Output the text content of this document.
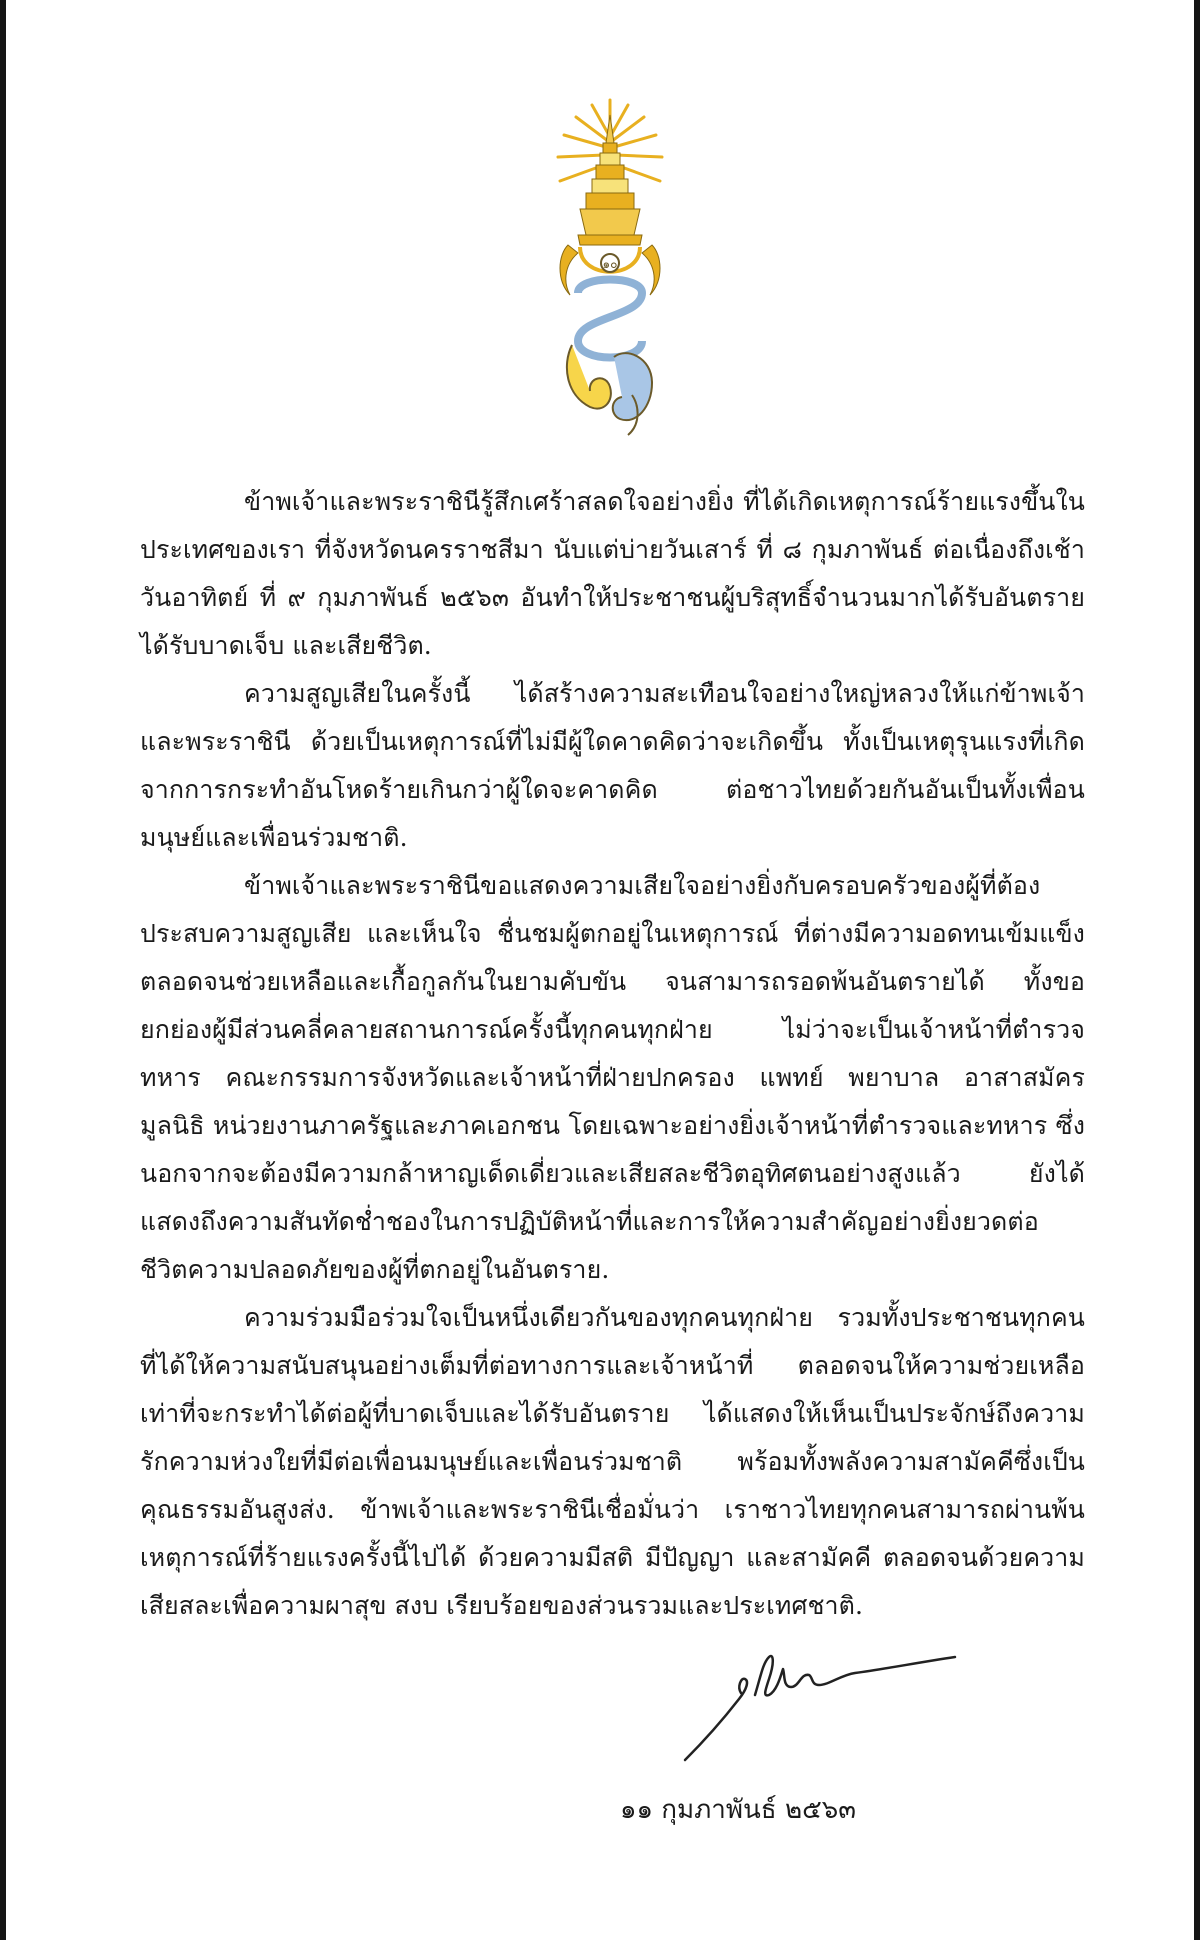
๑๐

ข้าพเจ้าและพระราชินีรู้สึกเศร้าสลดใจอย่างยิ่ง ที่ได้เกิดเหตุการณ์ร้ายแรงขึ้นในประเทศของเรา ที่จังหวัดนครราชสีมา นับแต่บ่ายวันเสาร์ ที่ ๘ กุมภาพันธ์ ต่อเนื่องถึงเช้าวันอาทิตย์ ที่ ๙ กุมภาพันธ์ ๒๕๖๓ อันทำให้ประชาชนผู้บริสุทธิ์จำนวนมากได้รับอันตราย ได้รับบาดเจ็บ และเสียชีวิต.

ความสูญเสียในครั้งนี้ ได้สร้างความสะเทือนใจอย่างใหญ่หลวงให้แก่ข้าพเจ้าและพระราชินี ด้วยเป็นเหตุการณ์ที่ไม่มีผู้ใดคาดคิดว่าจะเกิดขึ้น ทั้งเป็นเหตุรุนแรงที่เกิดจากการกระทำอันโหดร้ายเกินกว่าผู้ใดจะคาดคิด ต่อชาวไทยด้วยกันอันเป็นทั้งเพื่อนมนุษย์และเพื่อนร่วมชาติ.

ข้าพเจ้าและพระราชินีขอแสดงความเสียใจอย่างยิ่งกับครอบครัวของผู้ที่ต้องประสบความสูญเสีย และเห็นใจ ชื่นชมผู้ตกอยู่ในเหตุการณ์ ที่ต่างมีความอดทนเข้มแข็ง ตลอดจนช่วยเหลือและเกื้อกูลกันในยามคับขัน จนสามารถรอดพ้นอันตรายได้ ทั้งขอยกย่องผู้มีส่วนคลี่คลายสถานการณ์ครั้งนี้ทุกคนทุกฝ่าย ไม่ว่าจะเป็นเจ้าหน้าที่ตำรวจ ทหาร คณะกรรมการจังหวัดและเจ้าหน้าที่ฝ่ายปกครอง แพทย์ พยาบาล อาสาสมัคร มูลนิธิ หน่วยงานภาครัฐและภาคเอกชน โดยเฉพาะอย่างยิ่งเจ้าหน้าที่ตำรวจและทหาร ซึ่งนอกจากจะต้องมีความกล้าหาญเด็ดเดี่ยวและเสียสละชีวิตอุทิศตนอย่างสูงแล้ว ยังได้แสดงถึงความสันทัดช่ำชองในการปฏิบัติหน้าที่และการให้ความสำคัญอย่างยิ่งยวดต่อชีวิตความปลอดภัยของผู้ที่ตกอยู่ในอันตราย.

ความร่วมมือร่วมใจเป็นหนึ่งเดียวกันของทุกคนทุกฝ่าย รวมทั้งประชาชนทุกคนที่ได้ให้ความสนับสนุนอย่างเต็มที่ต่อทางการและเจ้าหน้าที่ ตลอดจนให้ความช่วยเหลือเท่าที่จะกระทำได้ต่อผู้ที่บาดเจ็บและได้รับอันตราย ได้แสดงให้เห็นเป็นประจักษ์ถึงความรักความห่วงใยที่มีต่อเพื่อนมนุษย์และเพื่อนร่วมชาติ พร้อมทั้งพลังความสามัคคีซึ่งเป็นคุณธรรมอันสูงส่ง. ข้าพเจ้าและพระราชินีเชื่อมั่นว่า เราชาวไทยทุกคนสามารถผ่านพ้นเหตุการณ์ที่ร้ายแรงครั้งนี้ไปได้ ด้วยความมีสติ มีปัญญา และสามัคคี ตลอดจนด้วยความเสียสละเพื่อความผาสุข สงบ เรียบร้อยของส่วนรวมและประเทศชาติ.

๑๑ กุมภาพันธ์ ๒๕๖๓
